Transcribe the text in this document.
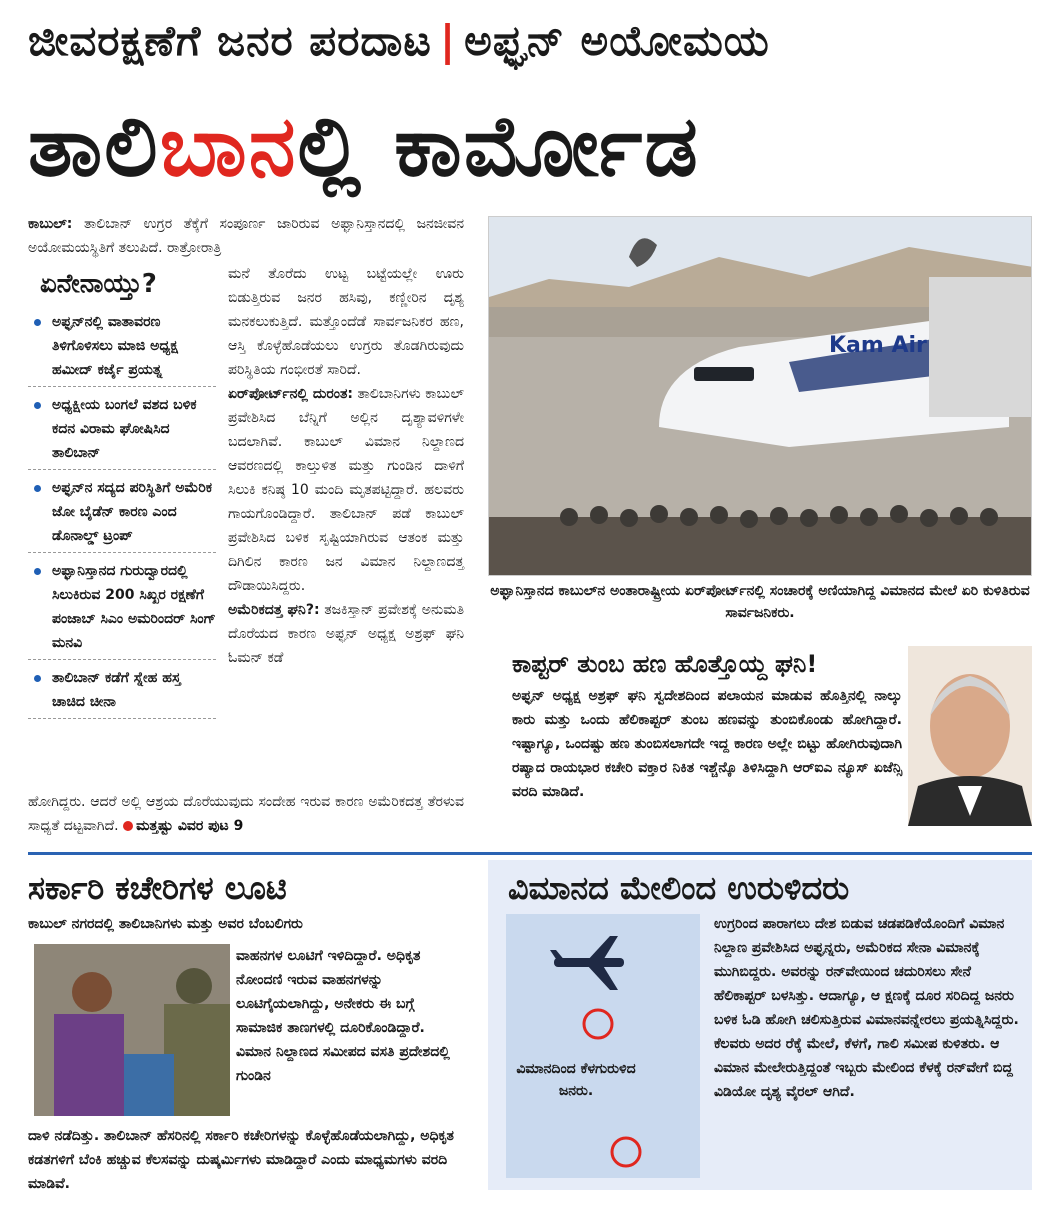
ಜೀವರಕ್ಷಣೆಗೆ ಜನರ ಪರದಾಟ | ಅಫ್ಘನ್ ಅಯೋಮಯ
ತಾಲಿಬಾನಲ್ಲಿ ಕಾರ್ಮೋಡ
ಕಾಬುಲ್: ತಾಲಿಬಾನ್ ಉಗ್ರರ ತೆಕ್ಕೆಗೆ ಸಂಪೂರ್ಣ ಜಾರಿರುವ ಅಫ್ಘಾನಿಸ್ತಾನದಲ್ಲಿ ಜನಜೀವನ ಅಯೋಮಯಸ್ಥಿತಿಗೆ ತಲುಪಿದೆ. ರಾತ್ರೋರಾತ್ರಿ
ಏನೇನಾಯ್ತು?
ಅಫ್ಘನ್‌ನಲ್ಲಿ ವಾತಾವರಣ ತಿಳಿಗೊಳಿಸಲು ಮಾಜಿ ಅಧ್ಯಕ್ಷ ಹಮೀದ್ ಕರ್ಜೈ ಪ್ರಯತ್ನ
ಅಧ್ಯಕ್ಷೀಯ ಬಂಗಲೆ ವಶದ ಬಳಿಕ ಕದನ ವಿರಾಮ ಘೋಷಿಸಿದ ತಾಲಿಬಾನ್
ಅಫ್ಘನ್‌ನ ಸದ್ಯದ ಪರಿಸ್ಥಿತಿಗೆ ಅಮೆರಿಕ ಜೋ ಬೈಡೆನ್ ಕಾರಣ ಎಂದ ಡೊನಾಲ್ಡ್ ಟ್ರಂಪ್
ಅಫ್ಘಾನಿಸ್ತಾನದ ಗುರುದ್ವಾರದಲ್ಲಿ ಸಿಲುಕಿರುವ 200 ಸಿಖ್ಖರ ರಕ್ಷಣೆಗೆ ಪಂಜಾಬ್ ಸಿಎಂ ಅಮರಿಂದರ್ ಸಿಂಗ್ ಮನವಿ
ತಾಲಿಬಾನ್ ಕಡೆಗೆ ಸ್ನೇಹ ಹಸ್ತ ಚಾಚಿದ ಚೀನಾ
ಮನೆ ತೊರೆದು ಉಟ್ಟ ಬಟ್ಟೆಯಲ್ಲೇ ಊರು ಬಿಡುತ್ತಿರುವ ಜನರ ಹಸಿವು, ಕಣ್ಣೀರಿನ ದೃಶ್ಯ ಮನಕಲುಕುತ್ತಿದೆ. ಮತ್ತೊಂದೆಡೆ ಸಾರ್ವಜನಿಕರ ಹಣ, ಆಸ್ತಿ ಕೊಳ್ಳೆಹೊಡೆಯಲು ಉಗ್ರರು ತೊಡಗಿರುವುದು ಪರಿಸ್ಥಿತಿಯ ಗಂಭೀರತೆ ಸಾರಿದೆ.
ಏರ್‌ಪೋರ್ಟ್‌ನಲ್ಲಿ ದುರಂತ: ತಾಲಿಬಾನಿಗಳು ಕಾಬುಲ್ ಪ್ರವೇಶಿಸಿದ ಬೆನ್ನಿಗೆ ಅಲ್ಲಿನ ದೃಶ್ಯಾವಳಿಗಳೇ ಬದಲಾಗಿವೆ. ಕಾಬುಲ್ ವಿಮಾನ ನಿಲ್ದಾಣದ ಆವರಣದಲ್ಲಿ ಕಾಲ್ತುಳಿತ ಮತ್ತು ಗುಂಡಿನ ದಾಳಿಗೆ ಸಿಲುಕಿ ಕನಿಷ್ಠ 10 ಮಂದಿ ಮೃತಪಟ್ಟಿದ್ದಾರೆ. ಹಲವರು ಗಾಯಗೊಂಡಿದ್ದಾರೆ. ತಾಲಿಬಾನ್ ಪಡೆ ಕಾಬುಲ್ ಪ್ರವೇಶಿಸಿದ ಬಳಿಕ ಸೃಷ್ಟಿಯಾಗಿರುವ ಆತಂಕ ಮತ್ತು ದಿಗಿಲಿನ ಕಾರಣ ಜನ ವಿಮಾನ ನಿಲ್ದಾಣದತ್ತ ದೌಡಾಯಿಸಿದ್ದರು.
ಅಮೆರಿಕದತ್ತ ಘನಿ?: ತಜಕಿಸ್ತಾನ್ ಪ್ರವೇಶಕ್ಕೆ ಅನುಮತಿ ದೊರೆಯದ ಕಾರಣ ಅಫ್ಘನ್ ಅಧ್ಯಕ್ಷ ಅಶ್ರಫ್ ಘನಿ ಓಮನ್ ಕಡೆ
ಹೋಗಿದ್ದರು. ಆದರೆ ಅಲ್ಲಿ ಆಶ್ರಯ ದೊರೆಯುವುದು ಸಂದೇಹ ಇರುವ ಕಾರಣ ಅಮೆರಿಕದತ್ತ ತೆರಳುವ ಸಾಧ್ಯತೆ ದಟ್ಟವಾಗಿದೆ. ಮತ್ತಷ್ಟು ವಿವರ ಪುಟ 9
Kam Air
ಅಫ್ಘಾನಿಸ್ತಾನದ ಕಾಬುಲ್‌ನ ಅಂತಾರಾಷ್ಟ್ರೀಯ ಏರ್‌ಪೋರ್ಟ್‌ನಲ್ಲಿ ಸಂಚಾರಕ್ಕೆ ಅಣಿಯಾಗಿದ್ದ ವಿಮಾನದ ಮೇಲೆ ಏರಿ ಕುಳಿತಿರುವ ಸಾರ್ವಜನಿಕರು.
ಕಾಪ್ಟರ್ ತುಂಬ ಹಣ ಹೊತ್ತೊಯ್ದ ಘನಿ!
ಅಫ್ಘನ್ ಅಧ್ಯಕ್ಷ ಅಶ್ರಫ್ ಘನಿ ಸ್ವದೇಶದಿಂದ ಪಲಾಯನ ಮಾಡುವ ಹೊತ್ತಿನಲ್ಲಿ ನಾಲ್ಕು ಕಾರು ಮತ್ತು ಒಂದು ಹೆಲಿಕಾಪ್ಟರ್ ತುಂಬ ಹಣವನ್ನು ತುಂಬಿಕೊಂಡು ಹೋಗಿದ್ದಾರೆ. ಇಷ್ಟಾಗ್ಯೂ, ಒಂದಷ್ಟು ಹಣ ತುಂಬಿಸಲಾಗದೇ ಇದ್ದ ಕಾರಣ ಅಲ್ಲೇ ಬಿಟ್ಟು ಹೋಗಿರುವುದಾಗಿ ರಷ್ಯಾದ ರಾಯಭಾರ ಕಚೇರಿ ವಕ್ತಾರ ನಿಕಿತ ಇಶ್ಚೆನ್ಕೊ ತಿಳಿಸಿದ್ದಾಗಿ ಆರ್‌ಐಎ ನ್ಯೂಸ್ ಏಜೆನ್ಸಿ ವರದಿ ಮಾಡಿದೆ.
ಸರ್ಕಾರಿ ಕಚೇರಿಗಳ ಲೂಟಿ
ಕಾಬುಲ್ ನಗರದಲ್ಲಿ ತಾಲಿಬಾನಿಗಳು ಮತ್ತು ಅವರ ಬೆಂಬಲಿಗರು
ವಾಹನಗಳ ಲೂಟಿಗೆ ಇಳಿದಿದ್ದಾರೆ. ಅಧಿಕೃತ ನೋಂದಣಿ ಇರುವ ವಾಹನಗಳನ್ನು ಲೂಟಿಗೈಯಲಾಗಿದ್ದು, ಅನೇಕರು ಈ ಬಗ್ಗೆ ಸಾಮಾಜಿಕ ತಾಣಗಳಲ್ಲಿ ದೂರಿಕೊಂಡಿದ್ದಾರೆ. ವಿಮಾನ ನಿಲ್ದಾಣದ ಸಮೀಪದ ವಸತಿ ಪ್ರದೇಶದಲ್ಲಿ ಗುಂಡಿನ
ದಾಳಿ ನಡೆದಿತ್ತು. ತಾಲಿಬಾನ್ ಹೆಸರಿನಲ್ಲಿ ಸರ್ಕಾರಿ ಕಚೇರಿಗಳನ್ನು ಕೊಳ್ಳೆಹೊಡೆಯಲಾಗಿದ್ದು, ಅಧಿಕೃತ ಕಡತಗಳಿಗೆ ಬೆಂಕಿ ಹಚ್ಚುವ ಕೆಲಸವನ್ನು ದುಷ್ಕರ್ಮಿಗಳು ಮಾಡಿದ್ದಾರೆ ಎಂದು ಮಾಧ್ಯಮಗಳು ವರದಿ ಮಾಡಿವೆ.
ವಿಮಾನದ ಮೇಲಿಂದ ಉರುಳಿದರು
ವಿಮಾನದಿಂದ ಕೆಳಗುರುಳಿದ ಜನರು.
ಉಗ್ರರಿಂದ ಪಾರಾಗಲು ದೇಶ ಬಿಡುವ ಚಡಪಡಿಕೆಯೊಂದಿಗೆ ವಿಮಾನ ನಿಲ್ದಾಣ ಪ್ರವೇಶಿಸಿದ ಅಫ್ಘನ್ನರು, ಅಮೆರಿಕದ ಸೇನಾ ವಿಮಾನಕ್ಕೆ ಮುಗಿಬಿದ್ದರು. ಅವರನ್ನು ರನ್‌ವೇಯಿಂದ ಚದುರಿಸಲು ಸೇನೆ ಹೆಲಿಕಾಪ್ಟರ್ ಬಳಸಿತ್ತು. ಆದಾಗ್ಯೂ, ಆ ಕ್ಷಣಕ್ಕೆ ದೂರ ಸರಿದಿದ್ದ ಜನರು ಬಳಿಕ ಓಡಿ ಹೋಗಿ ಚಲಿಸುತ್ತಿರುವ ವಿಮಾನವನ್ನೇರಲು ಪ್ರಯತ್ನಿಸಿದ್ದರು. ಕೆಲವರು ಅದರ ರೆಕ್ಕೆ ಮೇಲೆ, ಕೆಳಗೆ, ಗಾಲಿ ಸಮೀಪ ಕುಳಿತರು. ಆ ವಿಮಾನ ಮೇಲೇರುತ್ತಿದ್ದಂತೆ ಇಬ್ಬರು ಮೇಲಿಂದ ಕೆಳಕ್ಕೆ ರನ್‌ವೇಗೆ ಬಿದ್ದ ವಿಡಿಯೋ ದೃಶ್ಯ ವೈರಲ್ ಆಗಿದೆ.
